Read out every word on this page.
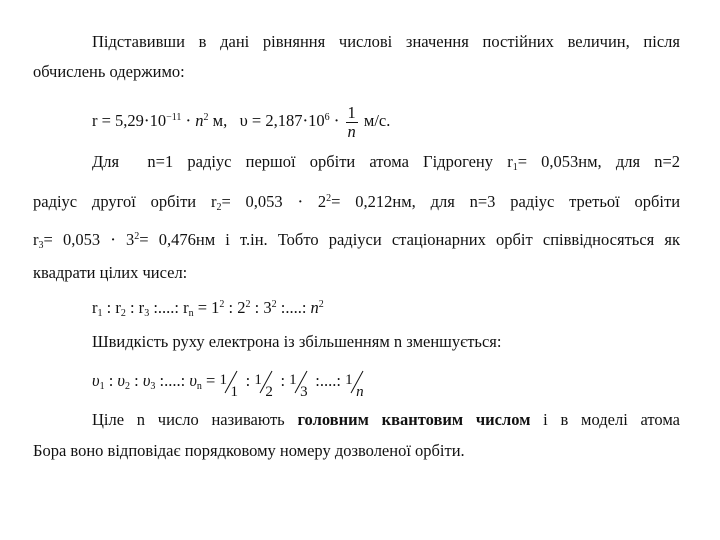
Підставивши в дані рівняння числові значення постійних величин, після
обчислень одержимо:
$r = 5,29\cdot 10^{-11} \cdot n^2$ м, $\upsilon = 2,187\cdot 10^6 \cdot \frac{1}{n} м/с$.
Для n=1 радіус першої орбіти атома Гідрогену $r_1= 0,053нм$, для n=2
радіус другої орбіти $r_2= 0,053 \cdot 2^2= 0,212нм$, для n=3 радіус третьої орбіти
$r_3= 0,053 \cdot 3^2= 0,476нм$ і т.ін. Тобто радіуси стаціонарних орбіт співвідносяться як
квадрати цілих чисел:
$r_1$ : $r_2$ : $r_3$ :....: $r_n = 1^2$ : $2^2$ : $3^2$ :....: $n^2$
Швидкість руху електрона із збільшенням n зменшується:
$\upsilon_1$ : $\upsilon_2$ : $\upsilon_3$ :....: $\upsilon_n = 1$
1
: 1
2
: 1
3
:....: 1
n
Ціле n число називають головним квантовим числом і в моделі атома
Бора воно відповідає порядковому номеру дозволеної орбіти.
